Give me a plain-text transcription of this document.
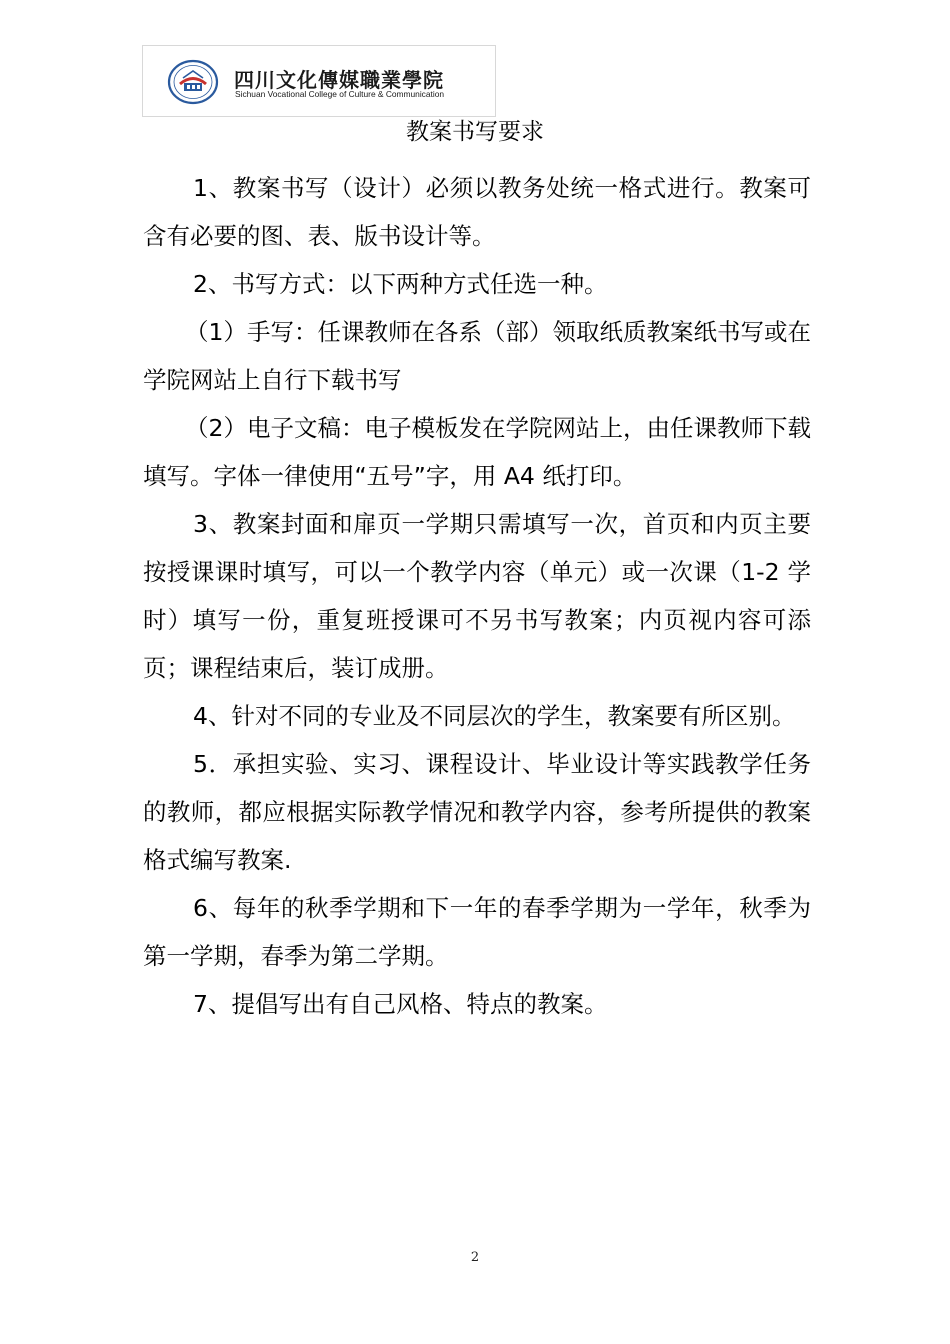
四川文化傳媒職業學院
Sichuan Vocational College of Culture & Communication
教案书写要求

1、教案书写（设计）必须以教务处统一格式进行。教案可含有必要的图、表、版书设计等。

2、书写方式：以下两种方式任选一种。

（1）手写：任课教师在各系（部）领取纸质教案纸书写或在学院网站上自行下载书写

（2）电子文稿：电子模板发在学院网站上，由任课教师下载填写。字体一律使用“五号”字，用 A4 纸打印。

3、教案封面和扉页一学期只需填写一次，首页和内页主要按授课课时填写，可以一个教学内容（单元）或一次课（1-2 学时）填写一份，重复班授课可不另书写教案；内页视内容可添页；课程结束后，装订成册。

4、针对不同的专业及不同层次的学生，教案要有所区别。

5．承担实验、实习、课程设计、毕业设计等实践教学任务的教师，都应根据实际教学情况和教学内容，参考所提供的教案格式编写教案.

6、每年的秋季学期和下一年的春季学期为一学年，秋季为第一学期，春季为第二学期。

7、提倡写出有自己风格、特点的教案。

2
